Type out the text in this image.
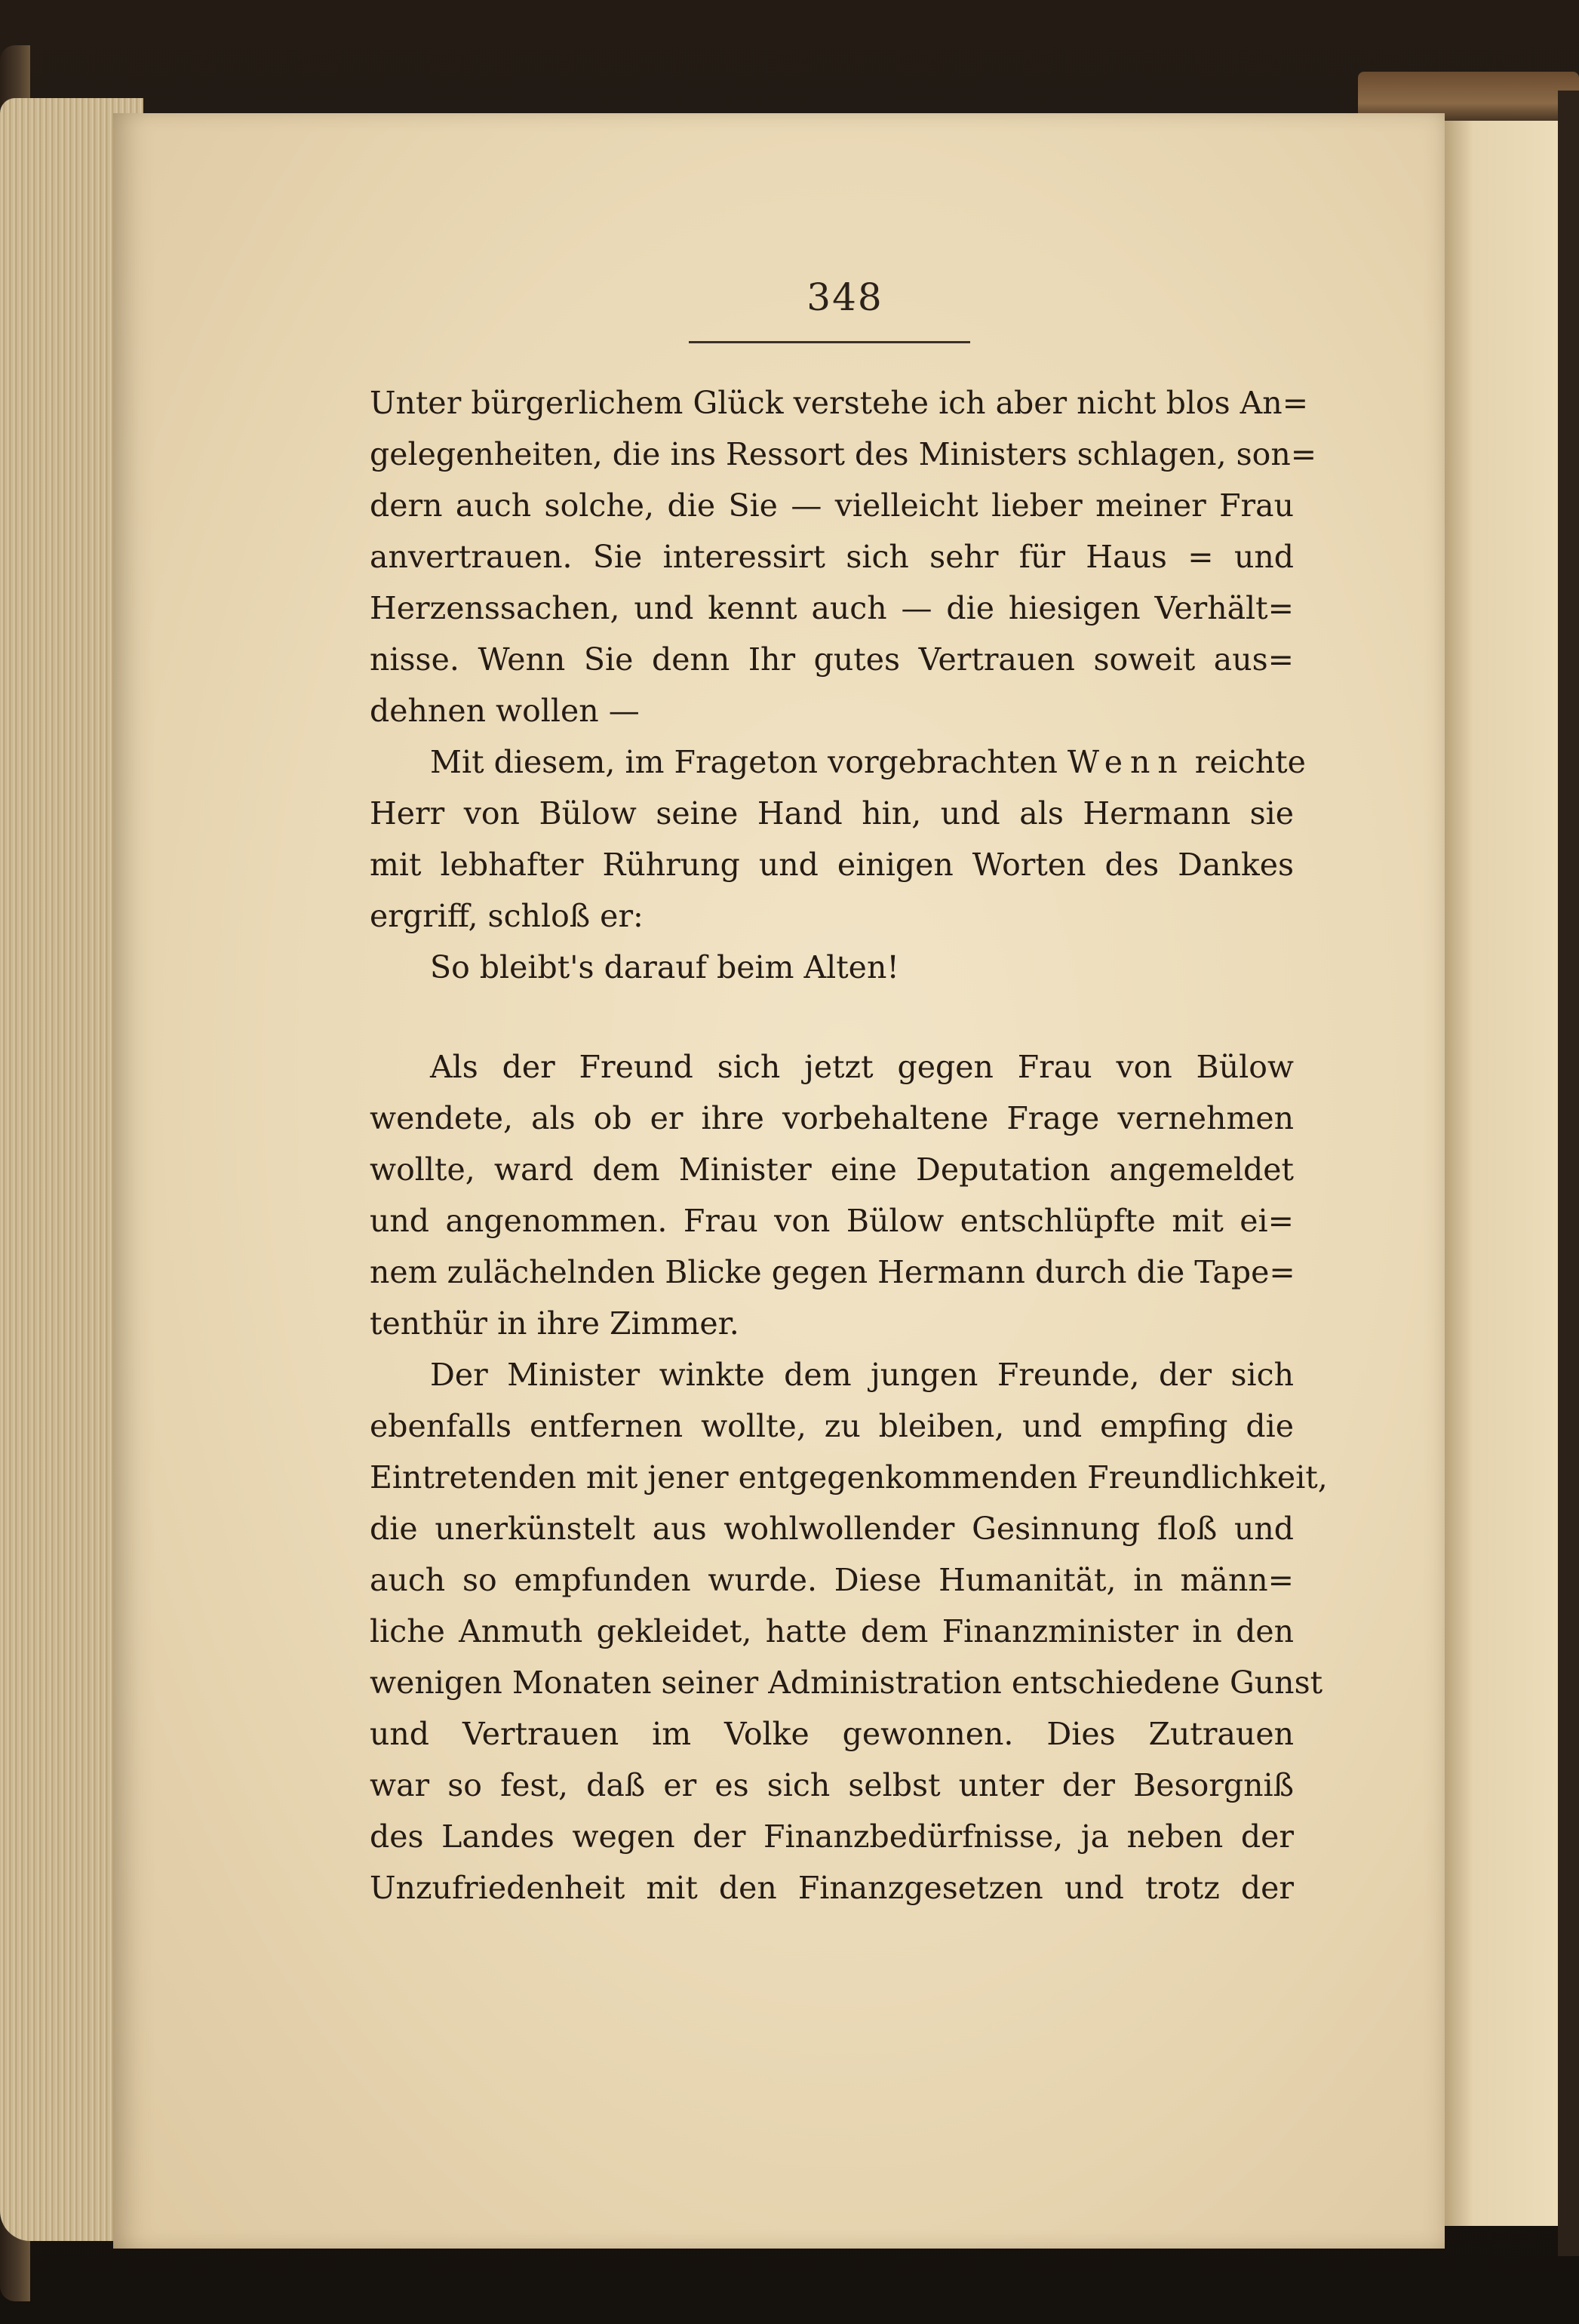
348
Unter bürgerlichem Glück verstehe ich aber nicht blos An=
gelegenheiten, die ins Ressort des Ministers schlagen, son=
dern auch solche, die Sie — vielleicht lieber meiner Frau
anvertrauen. Sie interessirt sich sehr für Haus = und
Herzenssachen, und kennt auch — die hiesigen Verhält=
nisse. Wenn Sie denn Ihr gutes Vertrauen soweit aus=
dehnen wollen —
Mit diesem, im Frageton vorgebrachten Wenn reichte
Herr von Bülow seine Hand hin, und als Hermann sie
mit lebhafter Rührung und einigen Worten des Dankes
ergriff, schloß er:
So bleibt's darauf beim Alten!
Als der Freund sich jetzt gegen Frau von Bülow
wendete, als ob er ihre vorbehaltene Frage vernehmen
wollte, ward dem Minister eine Deputation angemeldet
und angenommen. Frau von Bülow entschlüpfte mit ei=
nem zulächelnden Blicke gegen Hermann durch die Tape=
tenthür in ihre Zimmer.
Der Minister winkte dem jungen Freunde, der sich
ebenfalls entfernen wollte, zu bleiben, und empfing die
Eintretenden mit jener entgegenkommenden Freundlichkeit,
die unerkünstelt aus wohlwollender Gesinnung floß und
auch so empfunden wurde. Diese Humanität, in männ=
liche Anmuth gekleidet, hatte dem Finanzminister in den
wenigen Monaten seiner Administration entschiedene Gunst
und Vertrauen im Volke gewonnen. Dies Zutrauen
war so fest, daß er es sich selbst unter der Besorgniß
des Landes wegen der Finanzbedürfnisse, ja neben der
Unzufriedenheit mit den Finanzgesetzen und trotz der
